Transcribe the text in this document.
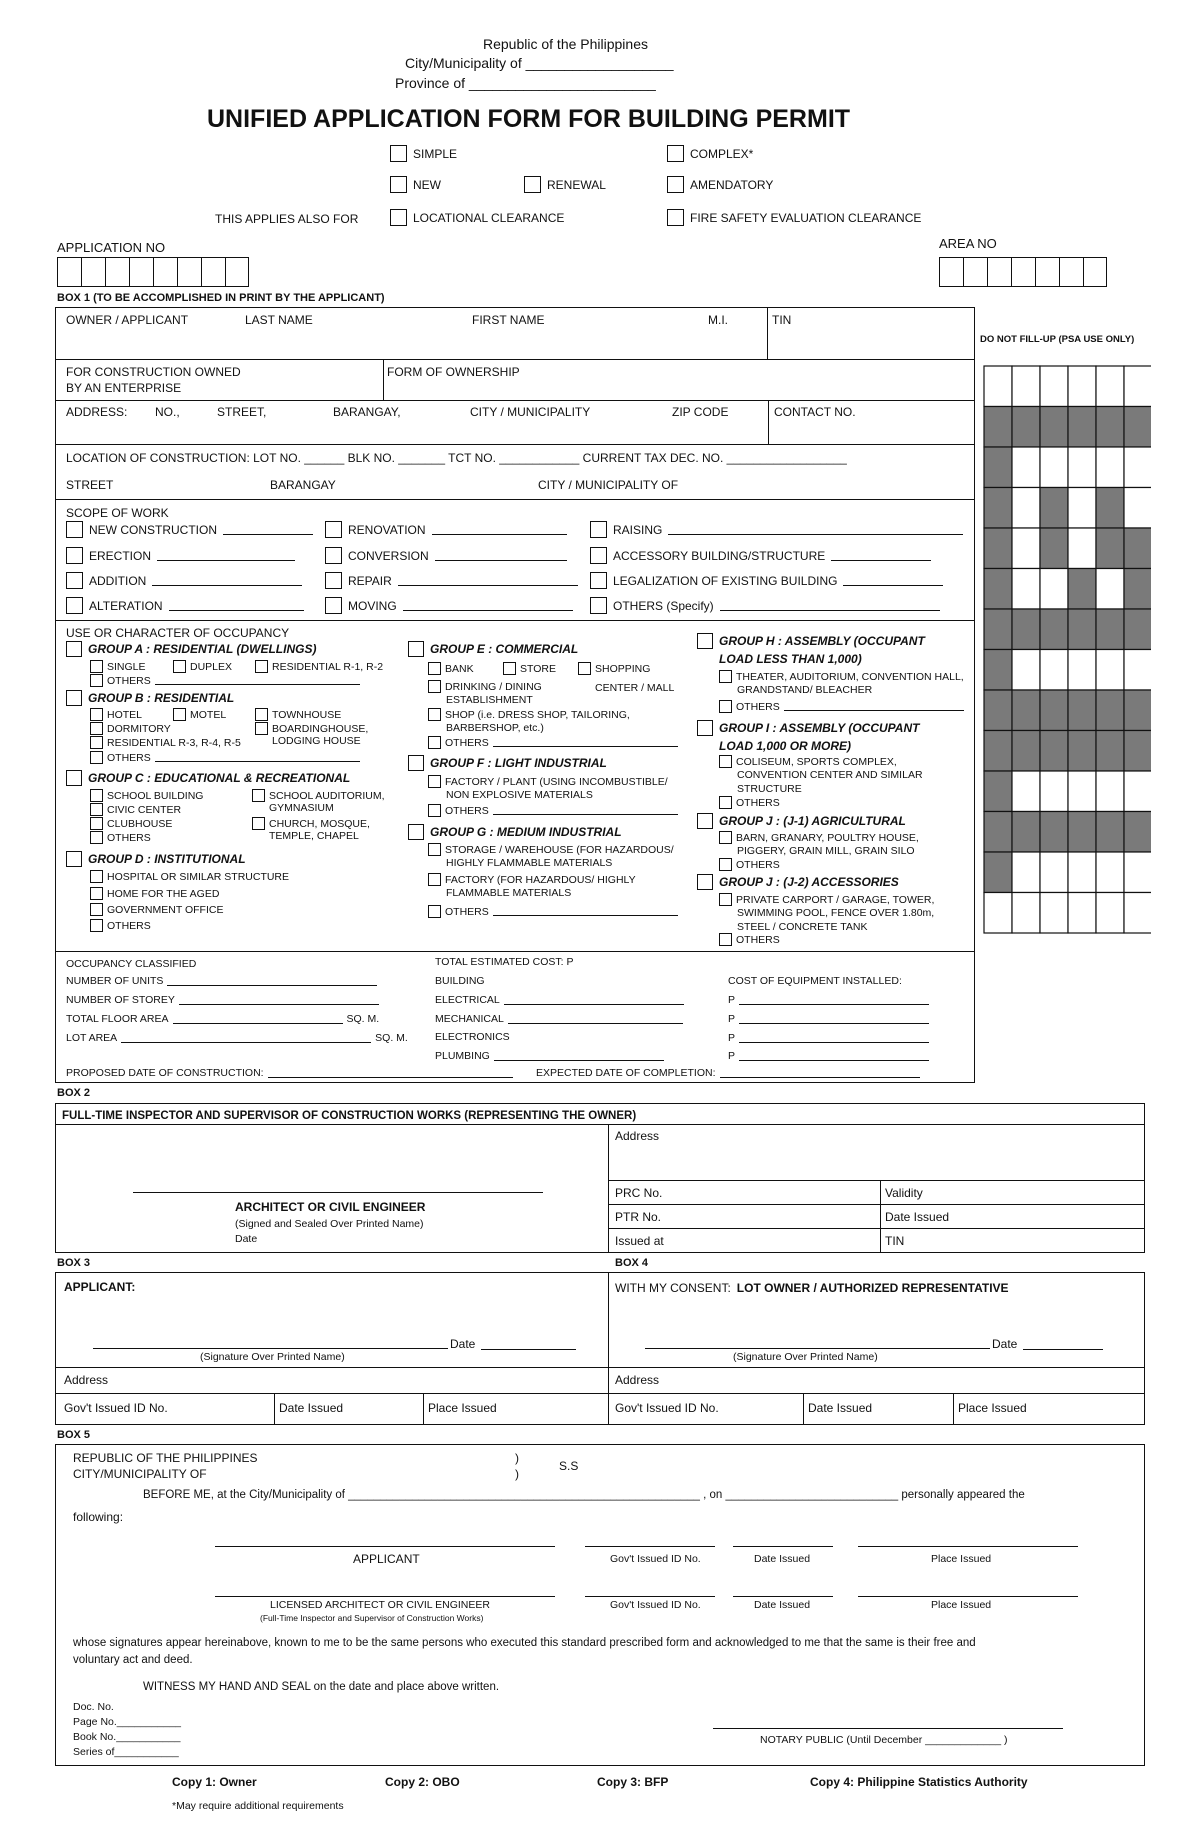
Republic of the Philippines
City/Municipality of ___________________
Province of ________________________
UNIFIED APPLICATION FORM FOR BUILDING PERMIT
SIMPLE	COMPLEX*
NEW	RENEWAL	AMENDATORY
THIS APPLIES ALSO FOR	LOCATIONAL CLEARANCE	FIRE SAFETY EVALUATION CLEARANCE
APPLICATION NO	AREA NO
BOX 1 (TO BE ACCOMPLISHED IN PRINT BY THE APPLICANT)
OWNER / APPLICANT	LAST NAME	FIRST NAME	M.I.	TIN
FOR CONSTRUCTION OWNED
BY AN ENTERPRISE
FORM OF OWNERSHIP
ADDRESS: NO.,	STREET,	BARANGAY,	CITY / MUNICIPALITY	ZIP CODE	CONTACT NO.
LOCATION OF CONSTRUCTION: LOT NO. ______ BLK NO. _______ TCT NO. ____________ CURRENT TAX DEC. NO. __________________
STREET	BARANGAY	CITY / MUNICIPALITY OF
SCOPE OF WORK
NEW CONSTRUCTION	RENOVATION	RAISING
ERECTION	CONVERSION	ACCESSORY BUILDING/STRUCTURE
ADDITION	REPAIR	LEGALIZATION OF EXISTING BUILDING
ALTERATION	MOVING	OTHERS (Specify)
USE OR CHARACTER OF OCCUPANCY
GROUP A : RESIDENTIAL (DWELLINGS)
SINGLE	DUPLEX	RESIDENTIAL R-1, R-2
OTHERS
GROUP B : RESIDENTIAL
HOTEL	MOTEL	TOWNHOUSE
DORMITORY	BOARDINGHOUSE,
LODGING HOUSE
RESIDENTIAL R-3, R-4, R-5
OTHERS
GROUP C : EDUCATIONAL & RECREATIONAL
SCHOOL BUILDING	SCHOOL AUDITORIUM,
GYMNASIUM
CIVIC CENTER
CLUBHOUSE	CHURCH, MOSQUE,
TEMPLE, CHAPEL
OTHERS
GROUP D : INSTITUTIONAL
HOSPITAL OR SIMILAR STRUCTURE
HOME FOR THE AGED
GOVERNMENT OFFICE
OTHERS
GROUP E : COMMERCIAL
BANK	STORE	SHOPPING
CENTER / MALL
DRINKING / DINING
ESTABLISHMENT
SHOP (i.e. DRESS SHOP, TAILORING,
BARBERSHOP, etc.)
OTHERS
GROUP F : LIGHT INDUSTRIAL
FACTORY / PLANT (USING INCOMBUSTIBLE/
NON EXPLOSIVE MATERIALS
OTHERS
GROUP G : MEDIUM INDUSTRIAL
STORAGE / WAREHOUSE (FOR HAZARDOUS/
HIGHLY FLAMMABLE MATERIALS
FACTORY (FOR HAZARDOUS/ HIGHLY
FLAMMABLE MATERIALS
OTHERS
GROUP H : ASSEMBLY (OCCUPANT
LOAD LESS THAN 1,000)
THEATER, AUDITORIUM, CONVENTION HALL,
GRANDSTAND/ BLEACHER
OTHERS
GROUP I : ASSEMBLY (OCCUPANT
LOAD 1,000 OR MORE)
COLISEUM, SPORTS COMPLEX,
CONVENTION CENTER AND SIMILAR
STRUCTURE
OTHERS
GROUP J : (J-1) AGRICULTURAL
BARN, GRANARY, POULTRY HOUSE,
PIGGERY, GRAIN MILL, GRAIN SILO
OTHERS
GROUP J : (J-2) ACCESSORIES
PRIVATE CARPORT / GARAGE, TOWER,
SWIMMING POOL, FENCE OVER 1.80m,
STEEL / CONCRETE TANK
OTHERS
OCCUPANCY CLASSIFIED
NUMBER OF UNITS
NUMBER OF STOREY
TOTAL FLOOR AREA	SQ. M.
LOT AREA	SQ. M.
TOTAL ESTIMATED COST: P
BUILDING
ELECTRICAL
MECHANICAL
ELECTRONICS
PLUMBING
COST OF EQUIPMENT INSTALLED:
P
P
P
P
PROPOSED DATE OF CONSTRUCTION:	EXPECTED DATE OF COMPLETION:
DO NOT FILL-UP (PSA USE ONLY)
BOX 2
FULL-TIME INSPECTOR AND SUPERVISOR OF CONSTRUCTION WORKS (REPRESENTING THE OWNER)
ARCHITECT OR CIVIL ENGINEER
(Signed and Sealed Over Printed Name)
Date
Address
PRC No.	Validity
PTR No.	Date Issued
Issued at	TIN
BOX 3	BOX 4
APPLICANT:
Date
(Signature Over Printed Name)
Address
Gov't Issued ID No.	Date Issued	Place Issued
WITH MY CONSENT: LOT OWNER / AUTHORIZED REPRESENTATIVE
Date
(Signature Over Printed Name)
Address
Gov't Issued ID No.	Date Issued	Place Issued
BOX 5
REPUBLIC OF THE PHILIPPINES
CITY/MUNICIPALITY OF
)
)
S.S
BEFORE ME, at the City/Municipality of _______________________________________________________ , on ___________________________ personally appeared the
following:
APPLICANT	Gov't Issued ID No.	Date Issued	Place Issued
LICENSED ARCHITECT OR CIVIL ENGINEER
(Full-Time Inspector and Supervisor of Construction Works)
Gov't Issued ID No.	Date Issued	Place Issued
whose signatures appear hereinabove, known to me to be the same persons who executed this standard prescribed form and acknowledged to me that the same is their free and
voluntary act and deed.
WITNESS MY HAND AND SEAL on the date and place above written.
Doc. No.
Page No.___________
Book No.___________
Series of___________
NOTARY PUBLIC (Until December _____________ )
Copy 1: Owner	Copy 2: OBO	Copy 3: BFP	Copy 4: Philippine Statistics Authority
*May require additional requirements
